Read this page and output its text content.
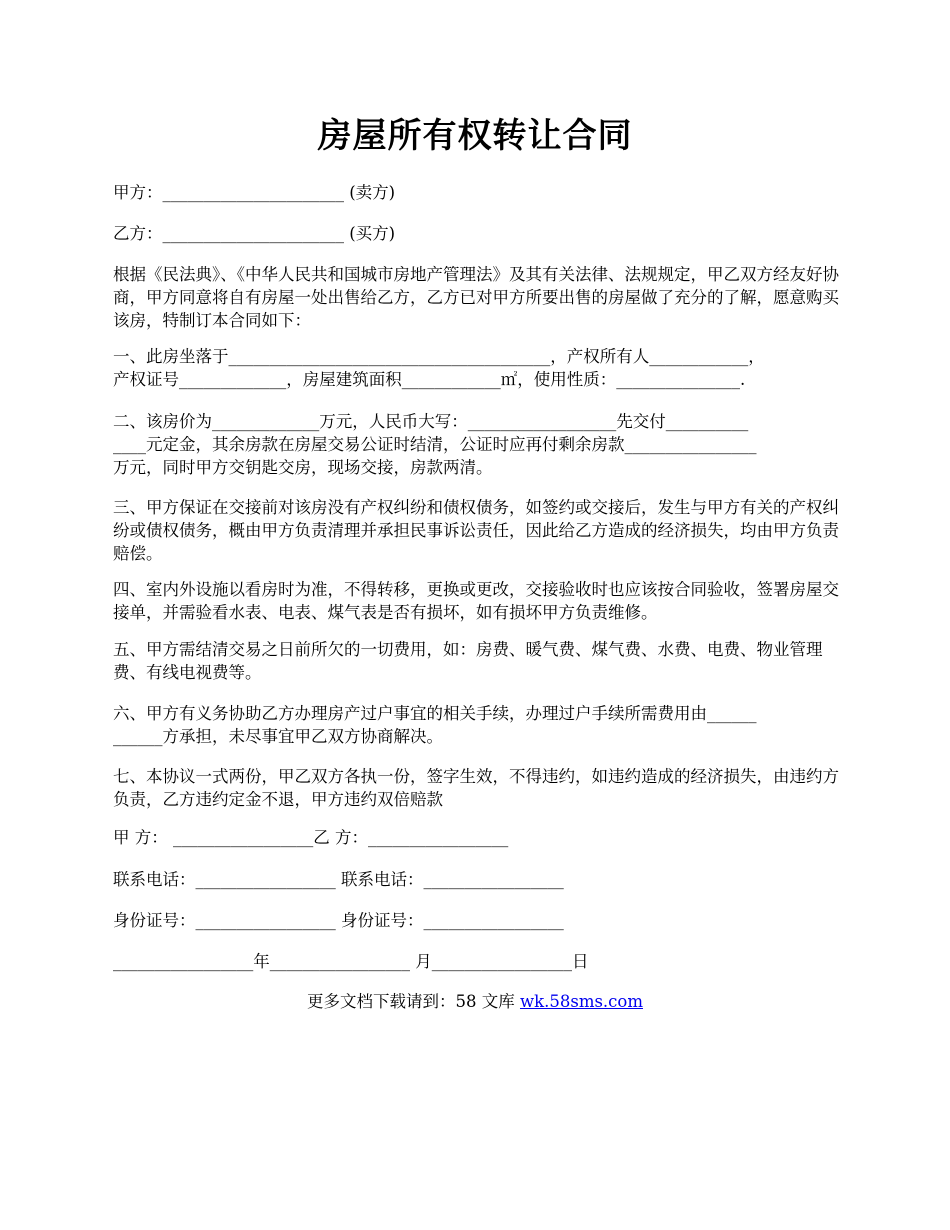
房屋所有权转让合同
甲方：______________________ (卖方)
乙方：______________________ (买方)
根据《民法典》、《中华人民共和国城市房地产管理法》及其有关法律、法规规定，甲乙双方经友好协商，甲方同意将自有房屋一处出售给乙方，乙方已对甲方所要出售的房屋做了充分的了解，愿意购买该房，特制订本合同如下：
一、此房坐落于_______________________________________，产权所有人____________，
产权证号_____________，房屋建筑面积____________㎡，使用性质：_______________.
二、该房价为_____________万元，人民币大写：__________________先交付__________
____元定金，其余房款在房屋交易公证时结清，公证时应再付剩余房款________________
万元，同时甲方交钥匙交房，现场交接，房款两清。
三、甲方保证在交接前对该房没有产权纠纷和债权债务，如签约或交接后，发生与甲方有关的产权纠纷或债权债务，概由甲方负责清理并承担民事诉讼责任，因此给乙方造成的经济损失，均由甲方负责赔偿。
四、室内外设施以看房时为准，不得转移，更换或更改，交接验收时也应该按合同验收，签署房屋交接单，并需验看水表、电表、煤气表是否有损坏，如有损坏甲方负责维修。
五、甲方需结清交易之日前所欠的一切费用，如：房费、暖气费、煤气费、水费、电费、物业管理费、有线电视费等。
六、甲方有义务协助乙方办理房产过户事宜的相关手续，办理过户手续所需费用由______
______方承担，未尽事宜甲乙双方协商解决。
七、本协议一式两份，甲乙双方各执一份，签字生效，不得违约，如违约造成的经济损失，由违约方负责，乙方违约定金不退，甲方违约双倍赔款
甲 方： _________________乙 方：_________________
联系电话：_________________ 联系电话：_________________
身份证号：_________________ 身份证号：_________________
_________________年_________________ 月_________________日
更多文档下载请到：58 文库 wk.58sms.com
